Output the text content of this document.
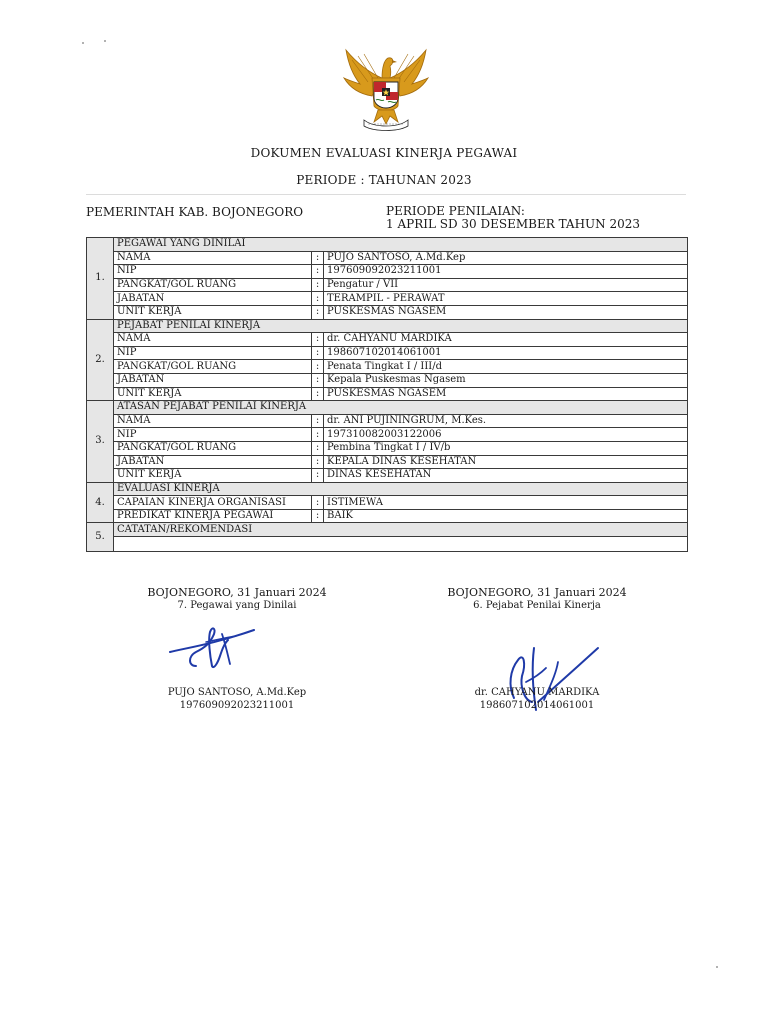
DOKUMEN EVALUASI KINERJA PEGAWAI
PERIODE : TAHUNAN 2023
PEMERINTAH KAB. BOJONEGORO	PERIODE PENILAIAN:
1 APRIL SD 30 DESEMBER TAHUN 2023
1.	PEGAWAI YANG DINILAI		
	NAMA	:	PUJO SANTOSO, A.Md.Kep
	NIP	:	197609092023211001
	PANGKAT/GOL RUANG	:	Pengatur / VII
	JABATAN	:	TERAMPIL - PERAWAT
	UNIT KERJA	:	PUSKESMAS NGASEM
2.	PEJABAT PENILAI KINERJA		
	NAMA	:	dr. CAHYANU MARDIKA
	NIP	:	198607102014061001
	PANGKAT/GOL RUANG	:	Penata Tingkat I / III/d
	JABATAN	:	Kepala Puskesmas Ngasem
	UNIT KERJA	:	PUSKESMAS NGASEM
3.	ATASAN PEJABAT PENILAI KINERJA		
	NAMA	:	dr. ANI PUJININGRUM, M.Kes.
	NIP	:	197310082003122006
	PANGKAT/GOL RUANG	:	Pembina Tingkat I / IV/b
	JABATAN	:	KEPALA DINAS KESEHATAN
	UNIT KERJA	:	DINAS KESEHATAN
4.	EVALUASI KINERJA		
	CAPAIAN KINERJA ORGANISASI	:	ISTIMEWA
	PREDIKAT KINERJA PEGAWAI	:	BAIK
5.	CATATAN/REKOMENDASI		

BOJONEGORO, 31 Januari 2024
7. Pegawai yang Dinilai
PUJO SANTOSO, A.Md.Kep
197609092023211001
BOJONEGORO, 31 Januari 2024
6. Pejabat Penilai Kinerja
dr. CAHYANU MARDIKA
198607102014061001
